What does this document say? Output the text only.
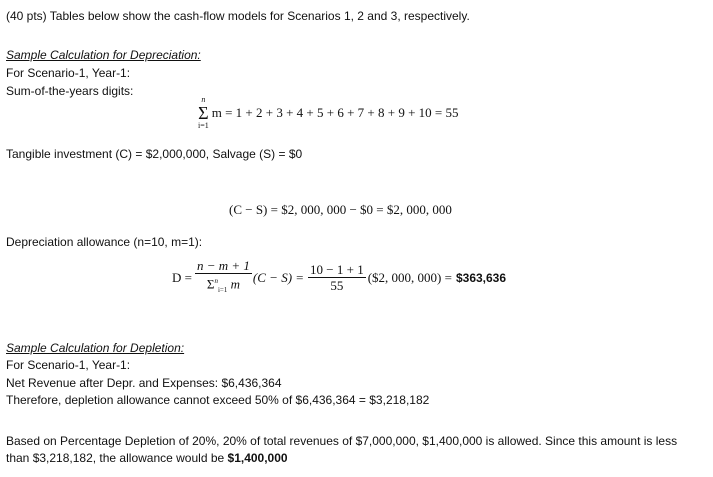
(40 pts) Tables below show the cash-flow models for Scenarios 1, 2 and 3, respectively.
Sample Calculation for Depreciation:
For Scenario-1, Year-1:
Sum-of-the-years digits:
n
Σ
i=1
m = 1 + 2 + 3 + 4 + 5 + 6 + 7 + 8 + 9 + 10 = 55
Tangible investment (C) = $2,000,000, Salvage (S) = $0
(C − S) = $2, 000, 000 − $0 = $2, 000, 000
Depreciation allowance (n=10, m=1):
$D = \frac{n - m + 1}{\Sigma^n_{i=1} m} (C - S) = \frac{10 - 1 + 1}{55}$ ($2, 000, 000) = $363,636
Sample Calculation for Depletion:
For Scenario-1, Year-1:
Net Revenue after Depr. and Expenses: $6,436,364
Therefore, depletion allowance cannot exceed 50% of $6,436,364 = $3,218,182
Based on Percentage Depletion of 20%, 20% of total revenues of $7,000,000, $1,400,000 is allowed. Since this amount is less
than $3,218,182, the allowance would be $1,400,000
